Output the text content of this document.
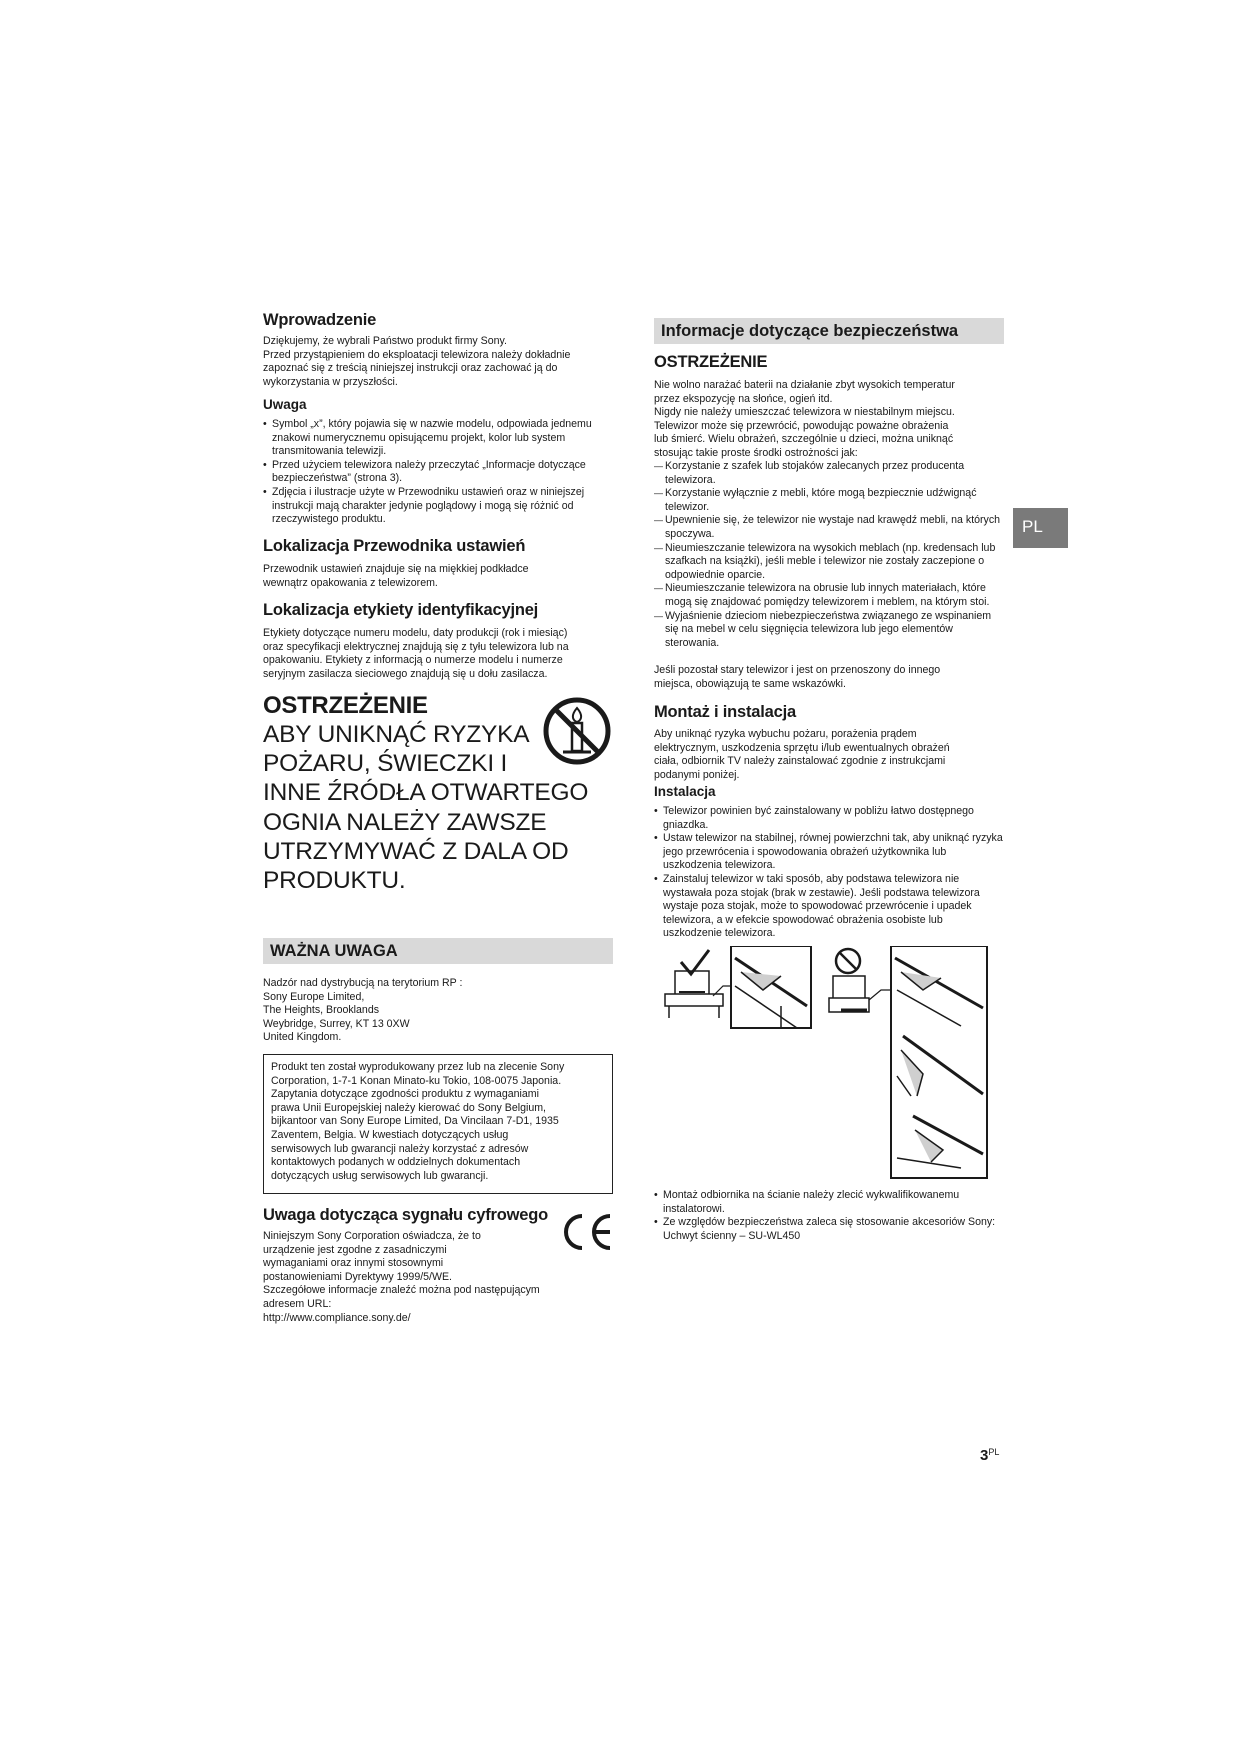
Wprowadzenie
Dziękujemy, że wybrali Państwo produkt firmy Sony.
Przed przystąpieniem do eksploatacji telewizora należy dokładnie
zapoznać się z treścią niniejszej instrukcji oraz zachować ją do
wykorzystania w przyszłości.
Uwaga
• Symbol „x”, który pojawia się w nazwie modelu, odpowiada jednemu znakowi numerycznemu opisującemu projekt, kolor lub system transmitowania telewizji.
• Przed użyciem telewizora należy przeczytać „Informacje dotyczące bezpieczeństwa” (strona 3).
• Zdjęcia i ilustracje użyte w Przewodniku ustawień oraz w niniejszej instrukcji mają charakter jedynie poglądowy i mogą się różnić od rzeczywistego produktu.
Lokalizacja Przewodnika ustawień
Przewodnik ustawień znajduje się na miękkiej podkładce
wewnątrz opakowania z telewizorem.
Lokalizacja etykiety identyfikacyjnej
Etykiety dotyczące numeru modelu, daty produkcji (rok i miesiąc)
oraz specyfikacji elektrycznej znajdują się z tyłu telewizora lub na
opakowaniu. Etykiety z informacją o numerze modelu i numerze
seryjnym zasilacza sieciowego znajdują się u dołu zasilacza.
OSTRZEŻENIE
ABY UNIKNĄĆ RYZYKA
POŻARU, ŚWIECZKI I
INNE ŹRÓDŁA OTWARTEGO
OGNIA NALEŻY ZAWSZE
UTRZYMYWAĆ Z DALA OD
PRODUKTU.
WAŻNA UWAGA
Nadzór nad dystrybucją na terytorium RP :
Sony Europe Limited,
The Heights, Brooklands
Weybridge, Surrey, KT 13 0XW
United Kingdom.
Produkt ten został wyprodukowany przez lub na zlecenie Sony
Corporation, 1-7-1 Konan Minato-ku Tokio, 108-0075 Japonia.
Zapytania dotyczące zgodności produktu z wymaganiami
prawa Unii Europejskiej należy kierować do Sony Belgium,
bijkantoor van Sony Europe Limited, Da Vincilaan 7-D1, 1935
Zaventem, Belgia. W kwestiach dotyczących usług
serwisowych lub gwarancji należy korzystać z adresów
kontaktowych podanych w oddzielnych dokumentach
dotyczących usług serwisowych lub gwarancji.
Uwaga dotycząca sygnału cyfrowego
Niniejszym Sony Corporation oświadcza, że to
urządzenie jest zgodne z zasadniczymi
wymaganiami oraz innymi stosownymi
postanowieniami Dyrektywy 1999/5/WE.
Szczegółowe informacje znaleźć można pod następującym
adresem URL:
http://www.compliance.sony.de/
Informacje dotyczące bezpieczeństwa
OSTRZEŻENIE
Nie wolno narażać baterii na działanie zbyt wysokich temperatur
przez ekspozycję na słońce, ogień itd.
Nigdy nie należy umieszczać telewizora w niestabilnym miejscu.
Telewizor może się przewrócić, powodując poważne obrażenia
lub śmierć. Wielu obrażeń, szczególnie u dzieci, można uniknąć
stosując takie proste środki ostrożności jak:
— Korzystanie z szafek lub stojaków zalecanych przez producenta telewizora.
— Korzystanie wyłącznie z mebli, które mogą bezpiecznie udźwignąć telewizor.
— Upewnienie się, że telewizor nie wystaje nad krawędź mebli, na których spoczywa.
— Nieumieszczanie telewizora na wysokich meblach (np. kredensach lub szafkach na książki), jeśli meble i telewizor nie zostały zaczepione o odpowiednie oparcie.
— Nieumieszczanie telewizora na obrusie lub innych materiałach, które mogą się znajdować pomiędzy telewizorem i meblem, na którym stoi.
— Wyjaśnienie dzieciom niebezpieczeństwa związanego ze wspinaniem się na mebel w celu sięgnięcia telewizora lub jego elementów sterowania.
Jeśli pozostał stary telewizor i jest on przenoszony do innego
miejsca, obowiązują te same wskazówki.
Montaż i instalacja
Aby uniknąć ryzyka wybuchu pożaru, porażenia prądem
elektrycznym, uszkodzenia sprzętu i/lub ewentualnych obrażeń
ciała, odbiornik TV należy zainstalować zgodnie z instrukcjami
podanymi poniżej.
Instalacja
• Telewizor powinien być zainstalowany w pobliżu łatwo dostępnego gniazdka.
• Ustaw telewizor na stabilnej, równej powierzchni tak, aby uniknąć ryzyka jego przewrócenia i spowodowania obrażeń użytkownika lub uszkodzenia telewizora.
• Zainstaluj telewizor w taki sposób, aby podstawa telewizora nie wystawała poza stojak (brak w zestawie). Jeśli podstawa telewizora wystaje poza stojak, może to spowodować przewrócenie i upadek telewizora, a w efekcie spowodować obrażenia osobiste lub uszkodzenie telewizora.
• Montaż odbiornika na ścianie należy zlecić wykwalifikowanemu instalatorowi.
• Ze względów bezpieczeństwa zaleca się stosowanie akcesoriów Sony: Uchwyt ścienny – SU-WL450
PL
$3^{PL}$
